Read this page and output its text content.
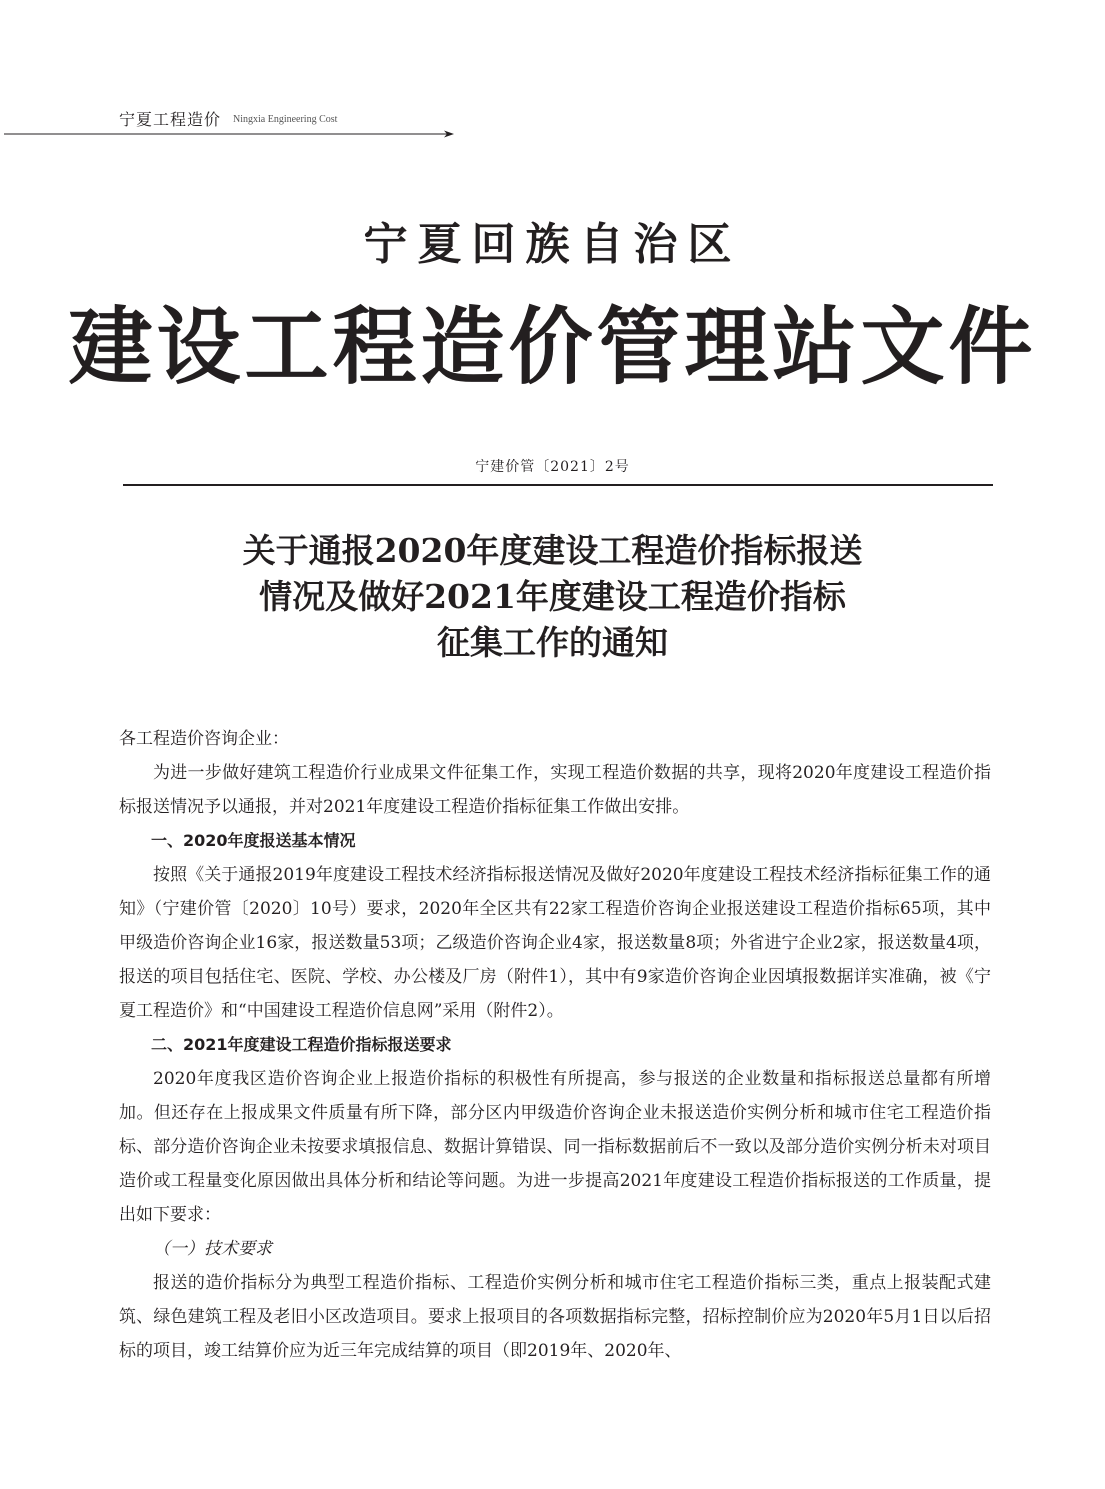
宁夏工程造价 Ningxia Engineering Cost
宁夏回族自治区
建设工程造价管理站文件
宁建价管〔2021〕2号
关于通报2020年度建设工程造价指标报送
情况及做好2021年度建设工程造价指标
征集工作的通知

各工程造价咨询企业：

为进一步做好建筑工程造价行业成果文件征集工作，实现工程造价数据的共享，现将2020年度建设工程造价指标报送情况予以通报，并对2021年度建设工程造价指标征集工作做出安排。

一、2020年度报送基本情况

按照《关于通报2019年度建设工程技术经济指标报送情况及做好2020年度建设工程技术经济指标征集工作的通知》（宁建价管〔2020〕10号）要求，2020年全区共有22家工程造价咨询企业报送建设工程造价指标65项，其中甲级造价咨询企业16家，报送数量53项；乙级造价咨询企业4家，报送数量8项；外省进宁企业2家，报送数量4项，报送的项目包括住宅、医院、学校、办公楼及厂房（附件1），其中有9家造价咨询企业因填报数据详实准确，被《宁夏工程造价》和“中国建设工程造价信息网”采用（附件2）。

二、2021年度建设工程造价指标报送要求

2020年度我区造价咨询企业上报造价指标的积极性有所提高，参与报送的企业数量和指标报送总量都有所增加。但还存在上报成果文件质量有所下降，部分区内甲级造价咨询企业未报送造价实例分析和城市住宅工程造价指标、部分造价咨询企业未按要求填报信息、数据计算错误、同一指标数据前后不一致以及部分造价实例分析未对项目造价或工程量变化原因做出具体分析和结论等问题。为进一步提高2021年度建设工程造价指标报送的工作质量，提出如下要求：

（一）技术要求

报送的造价指标分为典型工程造价指标、工程造价实例分析和城市住宅工程造价指标三类，重点上报装配式建筑、绿色建筑工程及老旧小区改造项目。要求上报项目的各项数据指标完整，招标控制价应为2020年5月1日以后招标的项目，竣工结算价应为近三年完成结算的项目（即2019年、2020年、
